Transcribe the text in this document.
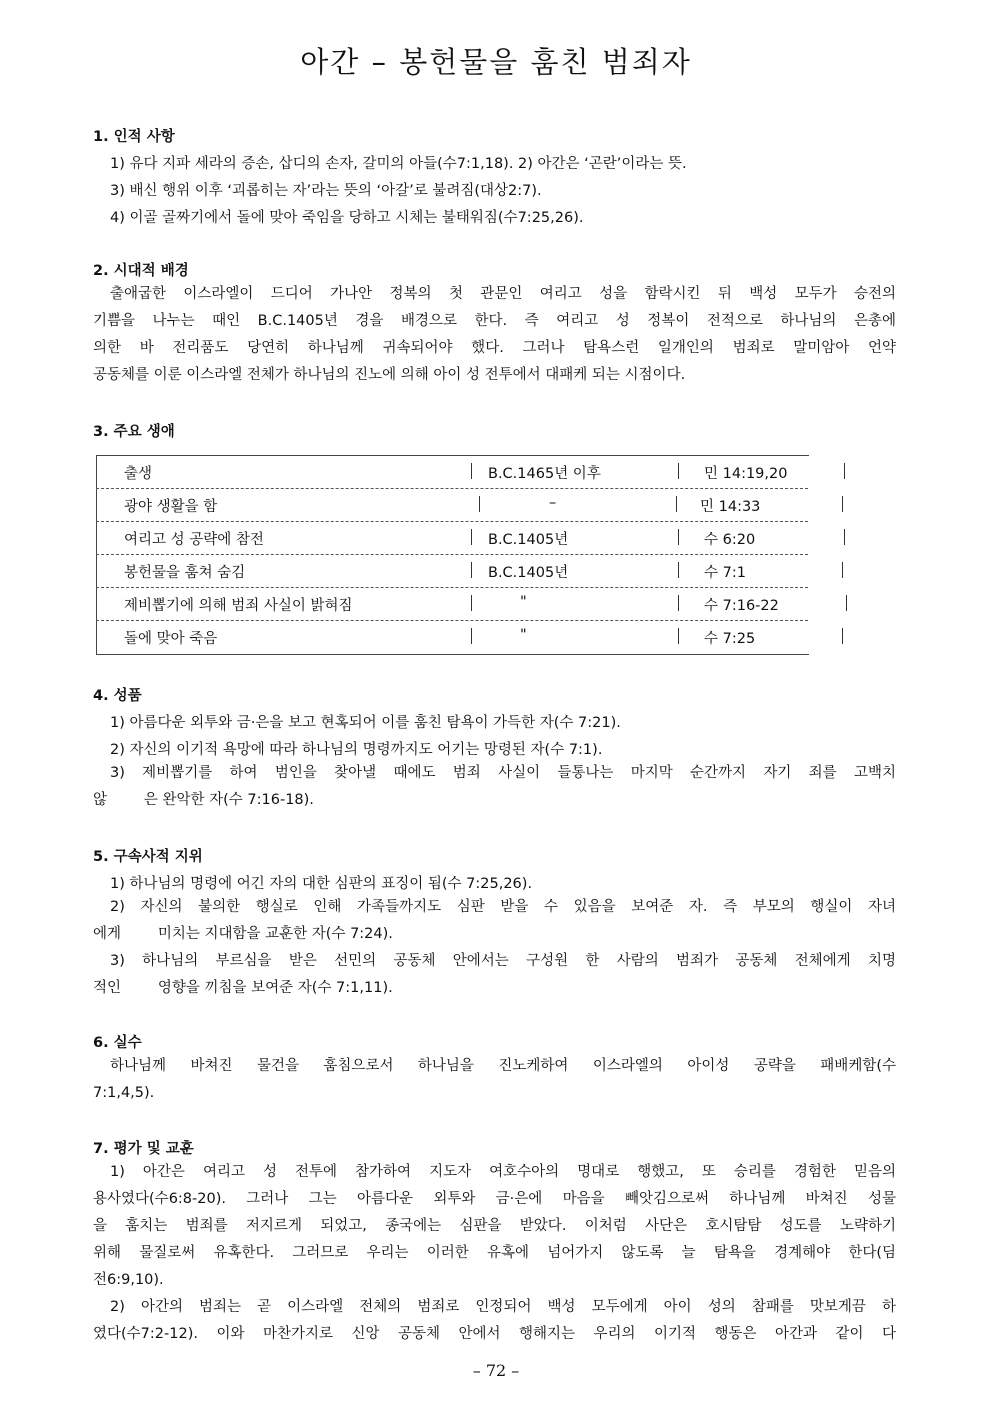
아간 – 봉헌물을 훔친 범죄자
1. 인적 사항
1) 유다 지파 세라의 증손, 삽디의 손자, 갈미의 아들(수7:1,18). 2) 아간은 ‘곤란’이라는 뜻.
3) 배신 행위 이후 ‘괴롭히는 자’라는 뜻의 ‘아갈’로 불려짐(대상2:7).
4) 이골 골짜기에서 돌에 맞아 죽임을 당하고 시체는 불태워짐(수7:25,26).
2. 시대적 배경
출애굽한 이스라엘이 드디어 가나안 정복의 첫 관문인 여리고 성을 함락시킨 뒤 백성 모두가 승전의
기쁨을 나누는 때인 B.C.1405년 경을 배경으로 한다. 즉 여리고 성 정복이 전적으로 하나님의 은총에
의한 바 전리품도 당연히 하나님께 귀속되어야 했다. 그러나 탐욕스런 일개인의 범죄로 말미암아 언약
공동체를 이룬 이스라엘 전체가 하나님의 진노에 의해 아이 성 전투에서 대패케 되는 시점이다.
3. 주요 생애
출생	B.C.1465년 이후	민 14:19,20
광야 생활을 함	–	민 14:33
여리고 성 공략에 참전	B.C.1405년	수 6:20
봉헌물을 훔쳐 숨김	B.C.1405년	수 7:1
제비뽑기에 의해 범죄 사실이 밝혀짐	"	수 7:16-22
돌에 맞아 죽음	"	수 7:25
4. 성품
1) 아름다운 외투와 금·은을 보고 현혹되어 이를 훔친 탐욕이 가득한 자(수 7:21).
2) 자신의 이기적 욕망에 따라 하나님의 명령까지도 어기는 망령된 자(수 7:1).
3) 제비뽑기를 하여 범인을 찾아낼 때에도 범죄 사실이 들통나는 마지막 순간까지 자기 죄를 고백치
않        은 완악한 자(수 7:16-18).
5. 구속사적 지위
1) 하나님의 명령에 어긴 자의 대한 심판의 표징이 됨(수 7:25,26).
2) 자신의 불의한 행실로 인해 가족들까지도 심판 받을 수 있음을 보여준 자. 즉 부모의 행실이 자녀
에게        미치는 지대함을 교훈한 자(수 7:24).
3) 하나님의 부르심을 받은 선민의 공동체 안에서는 구성원 한 사람의 범죄가 공동체 전체에게 치명
적인        영향을 끼침을 보여준 자(수 7:1,11).
6. 실수
하나님께 바쳐진 물건을 훔침으로서 하나님을 진노케하여 이스라엘의 아이성 공략을 패배케함(수
7:1,4,5).
7. 평가 및 교훈
1) 아간은 여리고 성 전투에 참가하여 지도자 여호수아의 명대로 행했고, 또 승리를 경험한 믿음의
용사였다(수6:8-20). 그러나 그는 아름다운 외투와 금·은에 마음을 빼앗김으로써 하나님께 바쳐진 성물
을 훔치는 범죄를 저지르게 되었고, 종국에는 심판을 받았다. 이처럼 사단은 호시탐탐 성도를 노략하기
위해 물질로써 유혹한다. 그러므로 우리는 이러한 유혹에 넘어가지 않도록 늘 탐욕을 경계해야 한다(딤
전6:9,10).
2) 아간의 범죄는 곧 이스라엘 전체의 범죄로 인정되어 백성 모두에게 아이 성의 참패를 맛보게끔 하
였다(수7:2-12). 이와 마찬가지로 신앙 공동체 안에서 행해지는 우리의 이기적 행동은 아간과 같이 다
– 72 –
